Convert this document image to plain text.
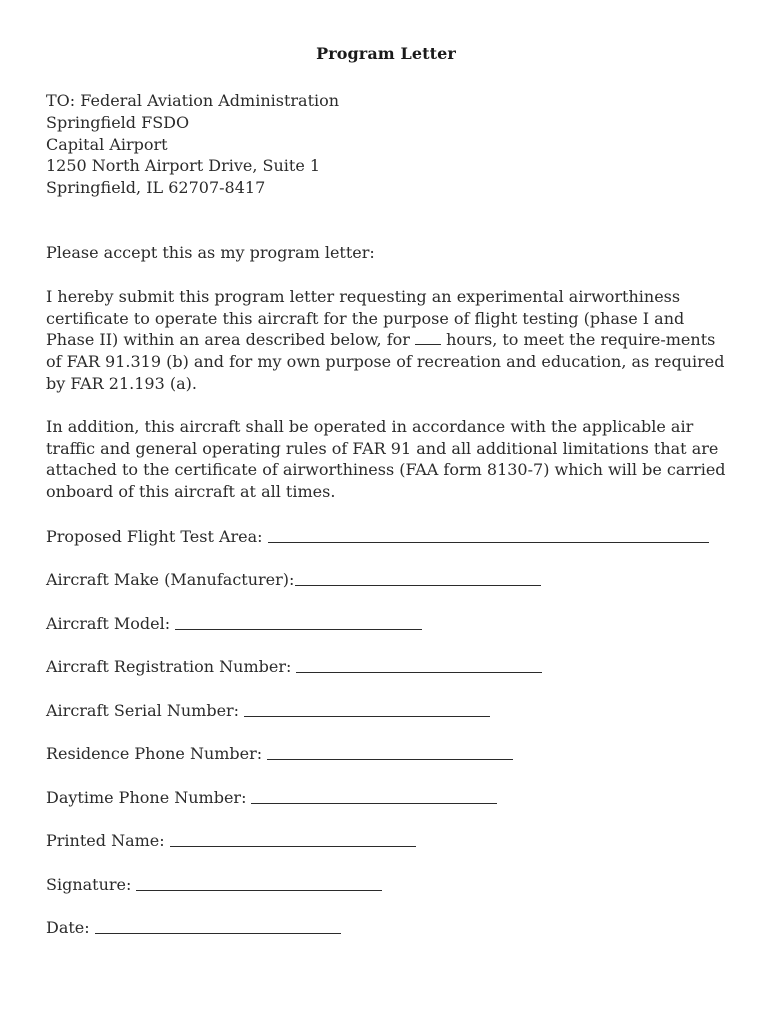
Program Letter
TO: Federal Aviation Administration
Springfield FSDO
Capital Airport
1250 North Airport Drive, Suite 1
Springfield, IL 62707-8417

Please accept this as my program letter:

I hereby submit this program letter requesting an experimental airworthiness certificate to operate this aircraft for the purpose of flight testing (phase I and Phase II) within an area described below, for  hours, to meet the require-ments of FAR 91.319 (b) and for my own purpose of recreation and education, as required by FAR 21.193 (a).

In addition, this aircraft shall be operated in accordance with the applicable air traffic and general operating rules of FAR 91 and all additional limitations that are attached to the certificate of airworthiness (FAA form 8130-7) which will be carried onboard of this aircraft at all times.

Proposed Flight Test Area:
Aircraft Make (Manufacturer):
Aircraft Model:
Aircraft Registration Number:
Aircraft Serial Number:
Residence Phone Number:
Daytime Phone Number:
Printed Name:
Signature:
Date:
